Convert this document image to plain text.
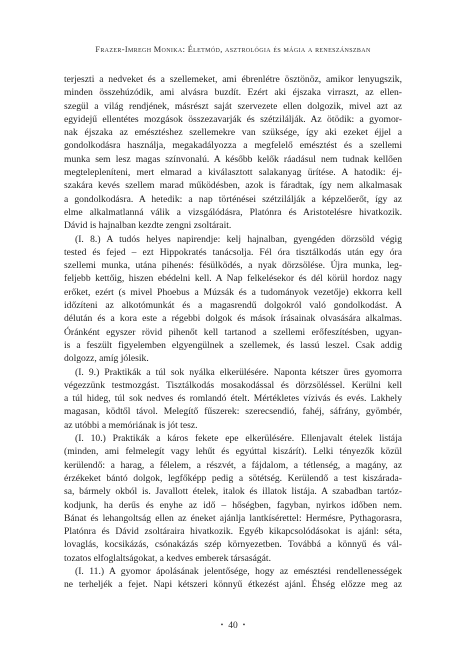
Frazer-Imregh Monika: Életmód, asztrológia és mágia a reneszánszban
terjeszti a nedveket és a szellemeket, ami ébrenlétre ösztönöz, amikor lenyugszik,
minden összehúzódik, ami alvásra buzdít. Ezért aki éjszaka virraszt, az ellen-
szegül a világ rendjének, másrészt saját szervezete ellen dolgozik, mivel azt az
egyidejű ellentétes mozgások összezavarják és szétzilálják. Az ötödik: a gyomor-
nak éjszaka az emésztéshez szellemekre van szüksége, így aki ezeket éjjel a
gondolkodásra használja, megakadályozza a megfelelő emésztést és a szellemi
munka sem lesz magas színvonalú. A később kelők ráadásul nem tudnak kellően
megtelepleníteni, mert elmarad a kiválasztott salakanyag ürítése. A hatodik: éj-
szakára kevés szellem marad működésben, azok is fáradtak, így nem alkalmasak
a gondolkodásra. A hetedik: a nap történései szétzilálják a képzelőerőt, így az
elme alkalmatlanná válik a vizsgálódásra, Platónra és Aristotelésre hivatkozik.
Dávid is hajnalban kezdte zengni zsoltárait.
(I. 8.) A tudós helyes napirendje: kelj hajnalban, gyengéden dörzsöld végig
tested és fejed – ezt Hippokratés tanácsolja. Fél óra tisztálkodás után egy óra
szellemi munka, utána pihenés: fésülködés, a nyak dörzsölése. Újra munka, leg-
feljebb kettőig, hiszen ebédelni kell. A Nap felkelésekor és dél körül hordoz nagy
erőket, ezért (s mivel Phoebus a Múzsák és a tudományok vezetője) ekkorra kell
időzíteni az alkotómunkát és a magasrendű dolgokról való gondolkodást. A
délután és a kora este a régebbi dolgok és mások írásainak olvasására alkalmas.
Óránként egyszer rövid pihenőt kell tartanod a szellemi erőfeszítésben, ugyan-
is a feszült figyelemben elgyengülnek a szellemek, és lassú leszel. Csak addig
dolgozz, amíg jólesik.
(I. 9.) Praktikák a túl sok nyálka elkerülésére. Naponta kétszer üres gyomorra
végezzünk testmozgást. Tisztálkodás mosakodással és dörzsöléssel. Kerülni kell
a túl hideg, túl sok nedves és romlandó ételt. Mértékletes vízivás és evés. Lakhely
magasan, ködtől távol. Melegítő fűszerek: szerecsendió, fahéj, sáfrány, gyömbér,
az utóbbi a memóriának is jót tesz.
(I. 10.) Praktikák a káros fekete epe elkerülésére. Ellenjavalt ételek listája
(minden, ami felmelegít vagy lehűt és egyúttal kiszárít). Lelki tényezők közül
kerülendő: a harag, a félelem, a részvét, a fájdalom, a tétlenség, a magány, az
érzékeket bántó dolgok, legfőképp pedig a sötétség. Kerülendő a test kiszárada-
sa, bármely okból is. Javallott ételek, italok és illatok listája. A szabadban tartóz-
kodjunk, ha derűs és enyhe az idő – hőségben, fagyban, nyirkos időben nem.
Bánat és lehangoltság ellen az éneket ajánlja lantkísérettel: Hermésre, Pythagorasra,
Platónra és Dávid zsoltáraira hivatkozik. Egyéb kikapcsolódásokat is ajánl: séta,
lovaglás, kocsikázás, csónakázás szép környezetben. Továbbá a könnyű és vál-
tozatos elfoglaltságokat, a kedves emberek társaságát.
(I. 11.) A gyomor ápolásának jelentősége, hogy az emésztési rendellenességek
ne terheljék a fejet. Napi kétszeri könnyű étkezést ajánl. Éhség előzze meg az
• 40 •
